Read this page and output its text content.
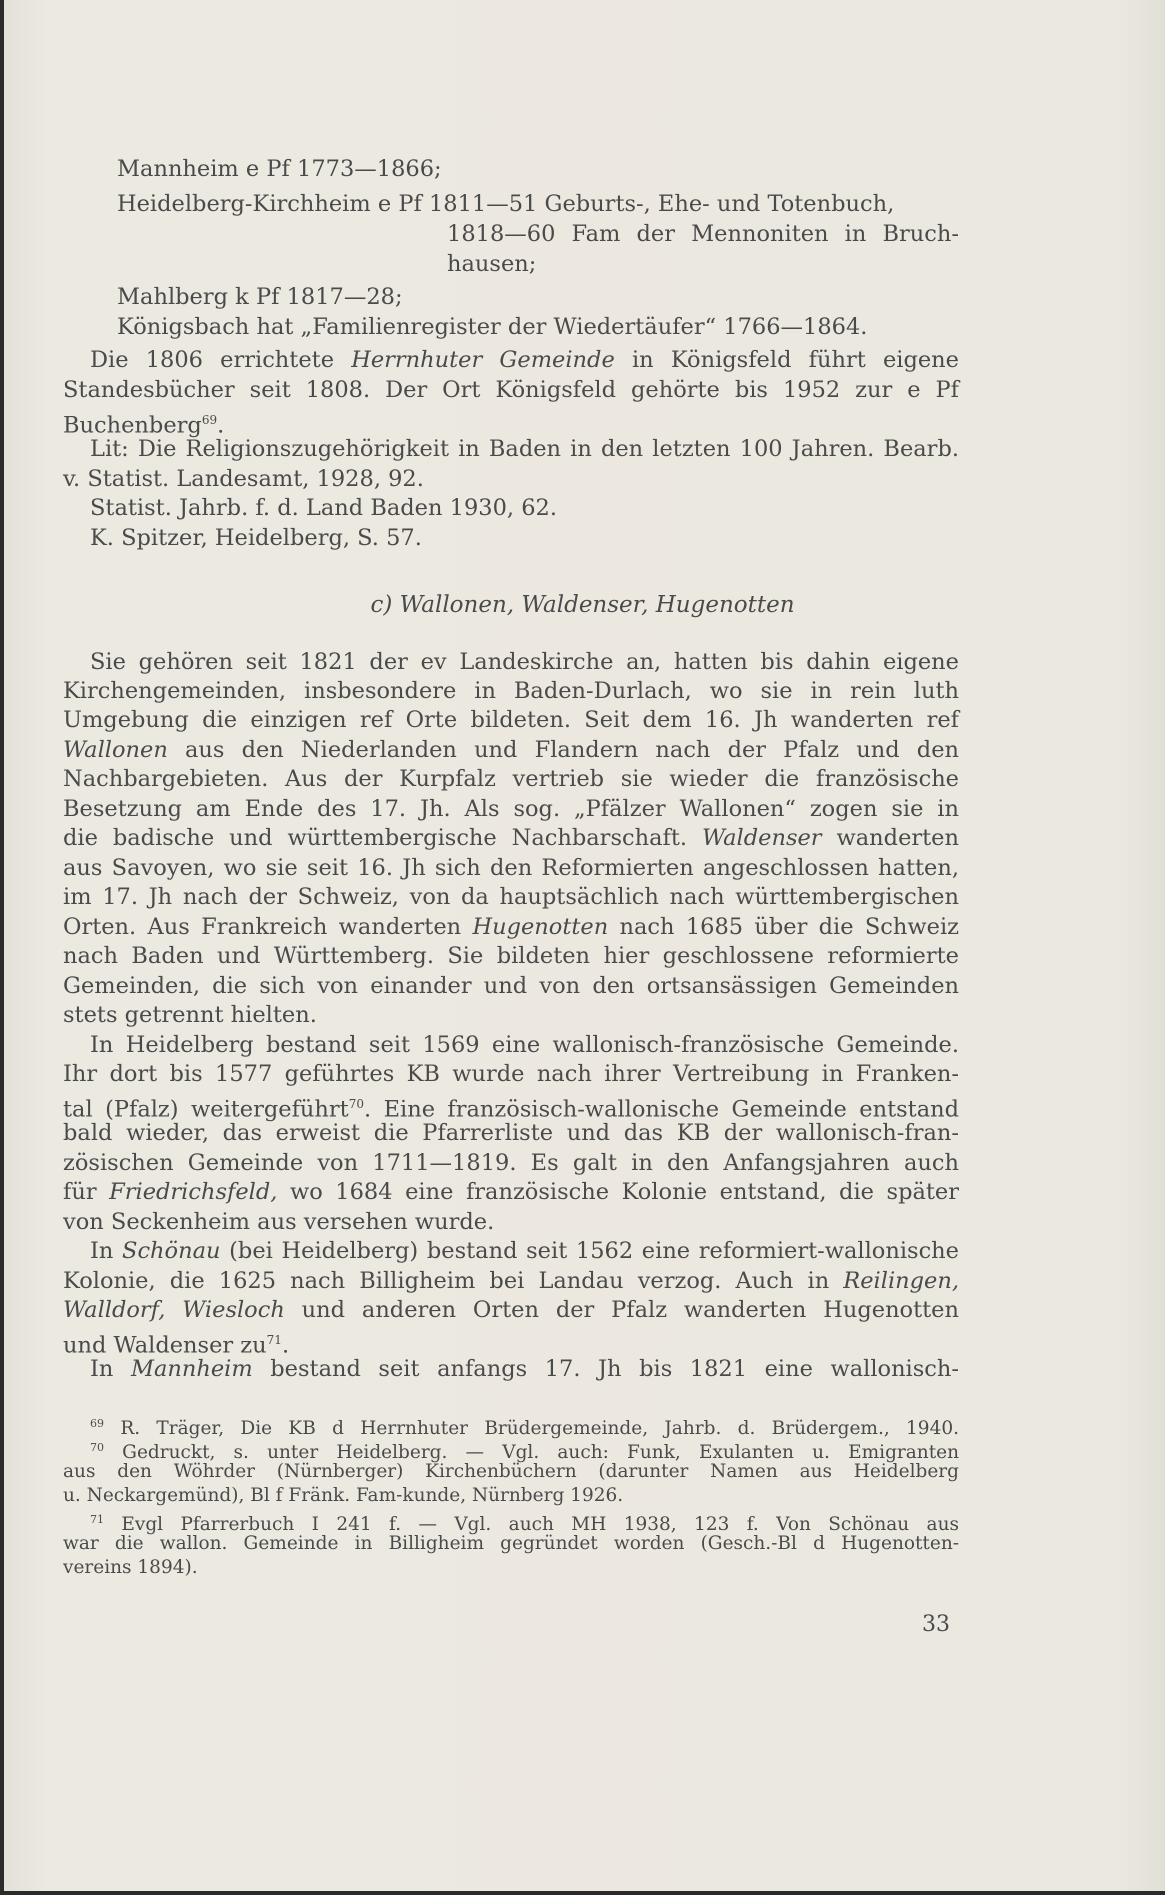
Mannheim e Pf 1773—1866;
Heidelberg-Kirchheim e Pf 1811—51 Geburts-, Ehe- und Totenbuch,
1818—60 Fam der Mennoniten in Bruch-
hausen;
Mahlberg k Pf 1817—28;
Königsbach hat „Familienregister der Wiedertäufer“ 1766—1864.
Die 1806 errichtete Herrnhuter Gemeinde in Königsfeld führt eigene
Standesbücher seit 1808. Der Ort Königsfeld gehörte bis 1952 zur e Pf
Buchenberg$^{69}$.
Lit: Die Religionszugehörigkeit in Baden in den letzten 100 Jahren. Bearb.
v. Statist. Landesamt, 1928, 92.
Statist. Jahrb. f. d. Land Baden 1930, 62.
K. Spitzer, Heidelberg, S. 57.
c) Wallonen, Waldenser, Hugenotten
Sie gehören seit 1821 der ev Landeskirche an, hatten bis dahin eigene
Kirchengemeinden, insbesondere in Baden-Durlach, wo sie in rein luth
Umgebung die einzigen ref Orte bildeten. Seit dem 16. Jh wanderten ref
Wallonen aus den Niederlanden und Flandern nach der Pfalz und den
Nachbargebieten. Aus der Kurpfalz vertrieb sie wieder die französische
Besetzung am Ende des 17. Jh. Als sog. „Pfälzer Wallonen“ zogen sie in
die badische und württembergische Nachbarschaft. Waldenser wanderten
aus Savoyen, wo sie seit 16. Jh sich den Reformierten angeschlossen hatten,
im 17. Jh nach der Schweiz, von da hauptsächlich nach württembergischen
Orten. Aus Frankreich wanderten Hugenotten nach 1685 über die Schweiz
nach Baden und Württemberg. Sie bildeten hier geschlossene reformierte
Gemeinden, die sich von einander und von den ortsansässigen Gemeinden
stets getrennt hielten.
In Heidelberg bestand seit 1569 eine wallonisch-französische Gemeinde.
Ihr dort bis 1577 geführtes KB wurde nach ihrer Vertreibung in Franken-
tal (Pfalz) weitergeführt$^{70}$. Eine französisch-wallonische Gemeinde entstand
bald wieder, das erweist die Pfarrerliste und das KB der wallonisch-fran-
zösischen Gemeinde von 1711—1819. Es galt in den Anfangsjahren auch
für Friedrichsfeld, wo 1684 eine französische Kolonie entstand, die später
von Seckenheim aus versehen wurde.
In Schönau (bei Heidelberg) bestand seit 1562 eine reformiert-wallonische
Kolonie, die 1625 nach Billigheim bei Landau verzog. Auch in Reilingen,
Walldorf, Wiesloch und anderen Orten der Pfalz wanderten Hugenotten
und Waldenser $zu^{71}$.
In Mannheim bestand seit anfangs 17. Jh bis 1821 eine wallonisch-
$^{69}$ R. Träger, Die KB d Herrnhuter Brüdergemeinde, Jahrb. d. Brüdergem., 1940.
$^{70}$ Gedruckt, s. unter Heidelberg. — Vgl. auch: Funk, Exulanten u. Emigranten
aus den Wöhrder (Nürnberger) Kirchenbüchern (darunter Namen aus Heidelberg
u. Neckargemünd), Bl f Fränk. Fam-kunde, Nürnberg 1926.
$^{71}$ Evgl Pfarrerbuch I 241 f. — Vgl. auch MH 1938, 123 f. Von Schönau aus
war die wallon. Gemeinde in Billigheim gegründet worden (Gesch.-Bl d Hugenotten-
vereins 1894).
33
